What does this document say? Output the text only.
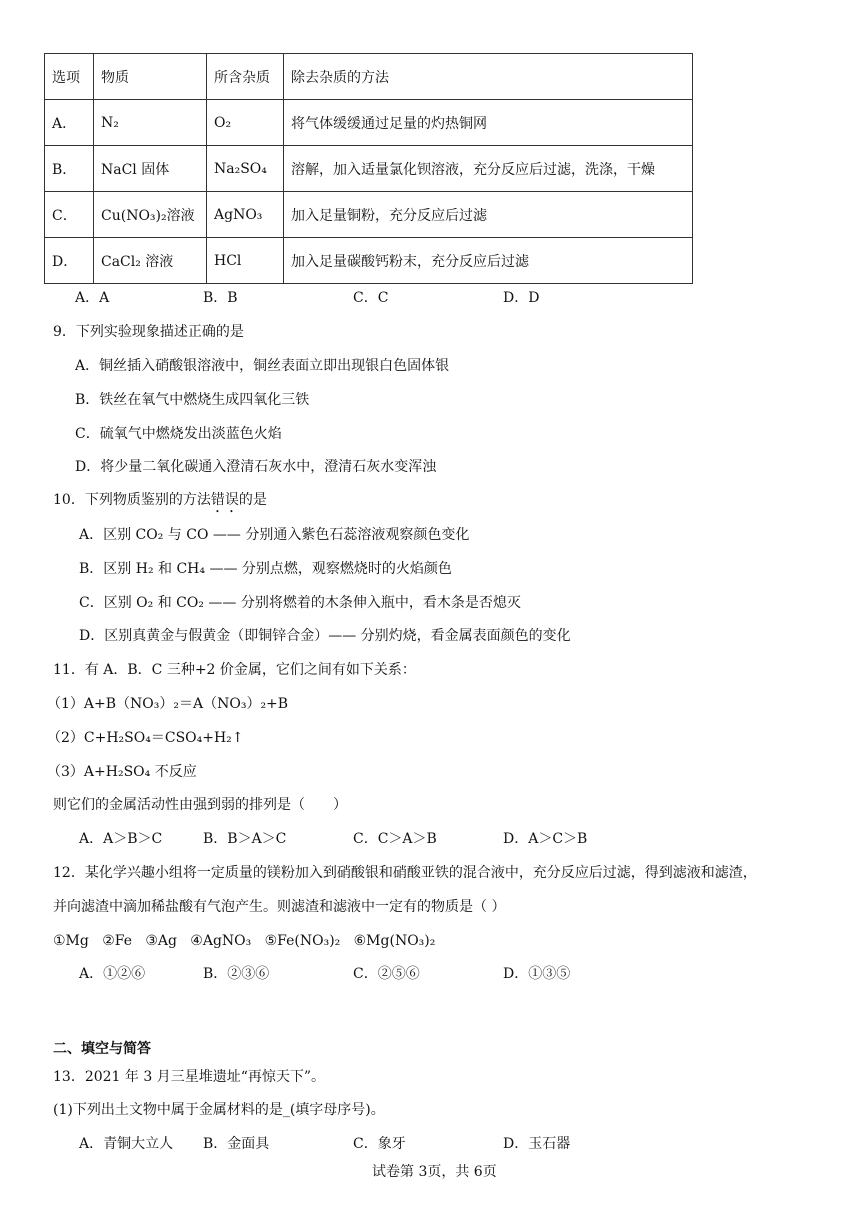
选项	物质	所含杂质	除去杂质的方法
A．	N₂	O₂	将气体缓缓通过足量的灼热铜网
B．	NaCl 固体	Na₂SO₄	溶解，加入适量氯化钡溶液，充分反应后过滤，洗涤，干燥
C．	Cu(NO₃)₂溶液	AgNO₃	加入足量铜粉，充分反应后过滤
D．	CaCl₂ 溶液	HCl	加入足量碳酸钙粉末，充分反应后过滤
A．A	B．B	C．C	D．D
9．下列实验现象描述正确的是
A．铜丝插入硝酸银溶液中，铜丝表面立即出现银白色固体银
B．铁丝在氧气中燃烧生成四氧化三铁
C．硫氧气中燃烧发出淡蓝色火焰
D．将少量二氧化碳通入澄清石灰水中，澄清石灰水变浑浊
10．下列物质鉴别的方法错误的是
A．区别 CO₂ 与 CO —— 分别通入紫色石蕊溶液观察颜色变化
B．区别 H₂ 和 CH₄ —— 分别点燃，观察燃烧时的火焰颜色
C．区别 O₂ 和 CO₂ —— 分别将燃着的木条伸入瓶中，看木条是否熄灭
D．区别真黄金与假黄金（即铜锌合金）—— 分别灼烧，看金属表面颜色的变化
11．有 A．B．C 三种+2 价金属，它们之间有如下关系：
（1）A+B（NO₃）₂＝A（NO₃）₂+B
（2）C+H₂SO₄＝CSO₄+H₂↑
（3）A+H₂SO₄ 不反应
则它们的金属活动性由强到弱的排列是（　　）
A．A＞B＞C	B．B＞A＞C	C．C＞A＞B	D．A＞C＞B
12．某化学兴趣小组将一定质量的镁粉加入到硝酸银和硝酸亚铁的混合液中，充分反应后过滤，得到滤液和滤渣，
并向滤渣中滴加稀盐酸有气泡产生。则滤渣和滤液中一定有的物质是（ ）
①Mg   ②Fe   ③Ag   ④AgNO₃   ⑤Fe(NO₃)₂   ⑥Mg(NO₃)₂
A．①②⑥	B．②③⑥	C．②⑤⑥	D．①③⑤
二、填空与简答
13．2021 年 3 月三星堆遗址“再惊天下”。
(1)下列出土文物中属于金属材料的是_(填字母序号)。
A．青铜大立人 B．金面具	C．象牙	D．玉石器
试卷第 3页，共 6页
